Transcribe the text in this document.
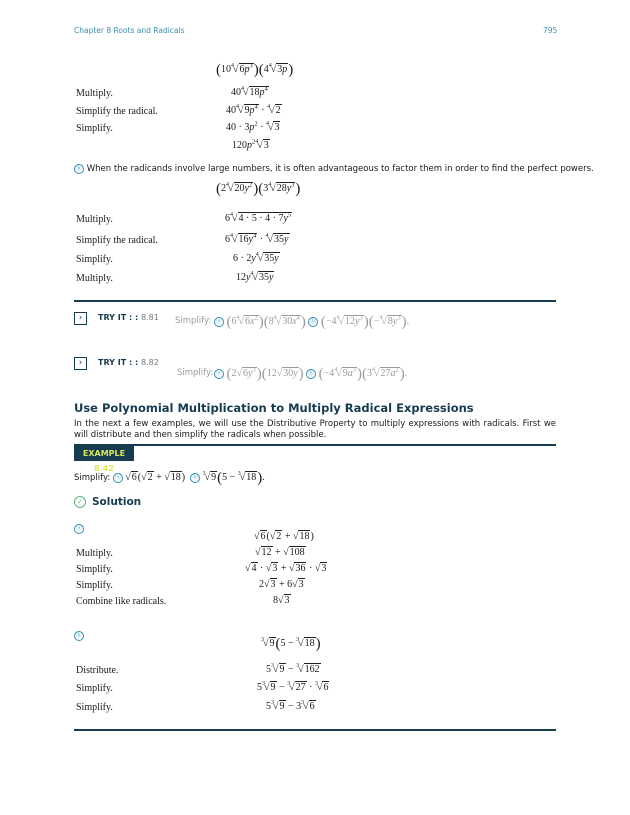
Chapter 8 Roots and Radicals	795
$(10^4√6p^3)(4^4√3p)$
Multiply.	$40^4√18p^4$
Simplify the radical.	$40^4√9p^4 \cdot ^4√2$
Simplify.	$40 \cdot 3p^2 \cdot ^4√3$
$120p^{24}√3$
ⓑ When the radicands involve large numbers, it is often advantageous to factor them in order to find the perfect powers.
$(2^4√20y^2)(3^4√28y^3)$
Multiply.	$6^4√4 \cdot 5 \cdot 4 \cdot 7y^5$
Simplify the radical.	$6^4√16y^4 \cdot ^4√35y$
Simplify.	$6 \cdot 2y^4√35y$
Multiply.	$12y^4√35y$
›	TRY IT : : 8.81 Simplify: ⓐ $(6^4√6x^2)(8^4√30x^4)$ ⓑ $(-4^4√12y^3)(-^4√8y^3)$.
›	TRY IT : : 8.82
Simplify: ⓐ $(2√6y^3)(12√30y)$ ⓑ $(-4^4√9a^3)(3^4√27a^2)$.
Use Polynomial Multiplication to Multiply Radical Expressions
In the next a few examples, we will use the Distributive Property to multiply expressions with radicals. First we will distribute and then simplify the radicals when possible.
EXAMPLE 8.42
Simplify: ⓐ √6(√2 + √18)  ⓑ $^3$√9(5 − $^3$√18).
✓ Solution
ⓐ
√6(√2 + √18)
Multiply.	√12 + √108
Simplify.	√4 · √3 + √36 · √3
Simplify.	2√3 + 6√3
Combine like radicals.	8√3
ⓑ
$^3$√9(5 − $^3$√18)
Distribute.	$5^3√9 - ^3√162$
Simplify.	$5^3√9 - ^3√27 \cdot ^3√6$
Simplify.	$5^3√9 - 3^3√6$
